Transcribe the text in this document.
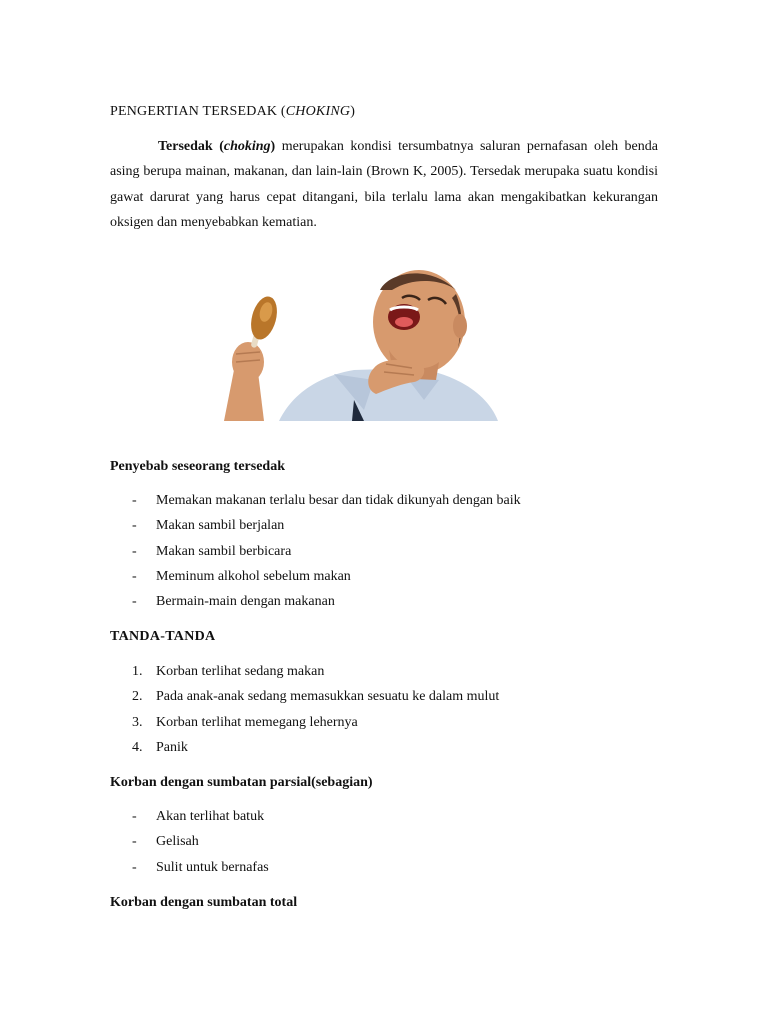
PENGERTIAN TERSEDAK (CHOKING)

Tersedak (choking) merupakan kondisi tersumbatnya saluran pernafasan oleh benda asing berupa mainan, makanan, dan lain-lain (Brown K, 2005). Tersedak merupaka suatu kondisi gawat darurat yang harus cepat ditangani, bila terlalu lama akan mengakibatkan kekurangan oksigen dan menyebabkan kematian.

Penyebab seseorang tersedak
- Memakan makanan terlalu besar dan tidak dikunyah dengan baik
- Makan sambil berjalan
- Makan sambil berbicara
- Meminum alkohol sebelum makan
- Bermain-main dengan makanan
TANDA-TANDA
1. Korban terlihat sedang makan
2. Pada anak-anak sedang memasukkan sesuatu ke dalam mulut
3. Korban terlihat memegang lehernya
4. Panik
Korban dengan sumbatan parsial(sebagian)
- Akan terlihat batuk
- Gelisah
- Sulit untuk bernafas
Korban dengan sumbatan total
